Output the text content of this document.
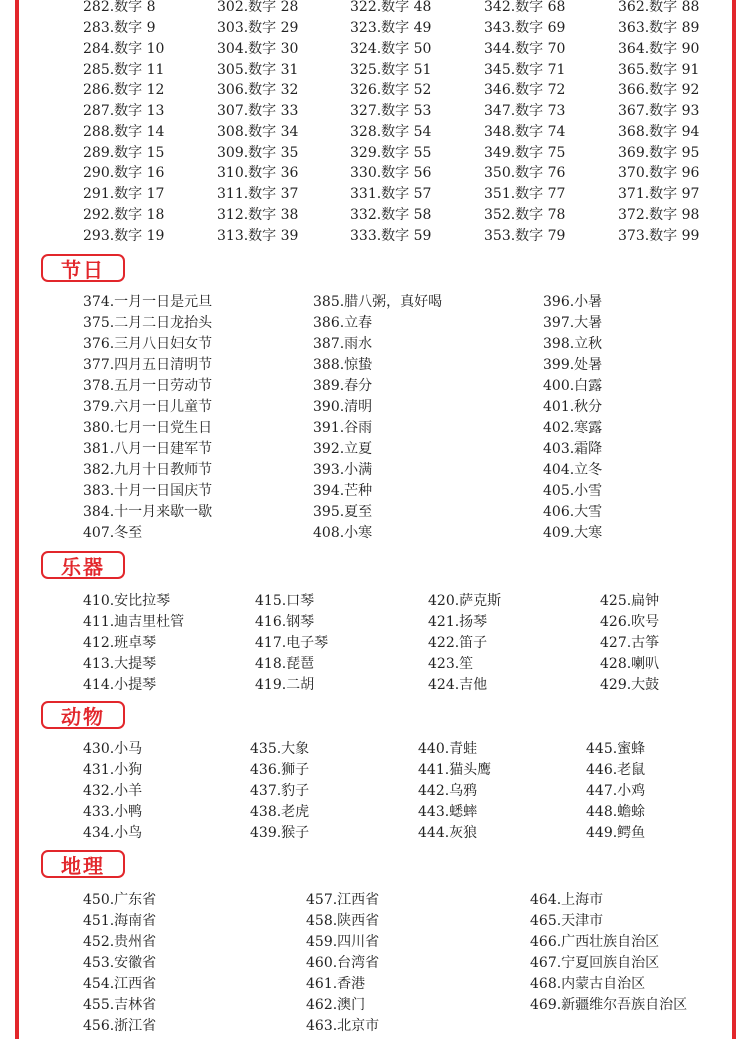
282.数字 8	302.数字 28	322.数字 48	342.数字 68	362.数字 88
283.数字 9	303.数字 29	323.数字 49	343.数字 69	363.数字 89
284.数字 10	304.数字 30	324.数字 50	344.数字 70	364.数字 90
285.数字 11	305.数字 31	325.数字 51	345.数字 71	365.数字 91
286.数字 12	306.数字 32	326.数字 52	346.数字 72	366.数字 92
287.数字 13	307.数字 33	327.数字 53	347.数字 73	367.数字 93
288.数字 14	308.数字 34	328.数字 54	348.数字 74	368.数字 94
289.数字 15	309.数字 35	329.数字 55	349.数字 75	369.数字 95
290.数字 16	310.数字 36	330.数字 56	350.数字 76	370.数字 96
291.数字 17	311.数字 37	331.数字 57	351.数字 77	371.数字 97
292.数字 18	312.数字 38	332.数字 58	352.数字 78	372.数字 98
293.数字 19	313.数字 39	333.数字 59	353.数字 79	373.数字 99
节日
374.一月一日是元旦	385.腊八粥，真好喝	396.小暑
375.二月二日龙抬头	386.立春	397.大暑
376.三月八日妇女节	387.雨水	398.立秋
377.四月五日清明节	388.惊蛰	399.处暑
378.五月一日劳动节	389.春分	400.白露
379.六月一日儿童节	390.清明	401.秋分
380.七月一日党生日	391.谷雨	402.寒露
381.八月一日建军节	392.立夏	403.霜降
382.九月十日教师节	393.小满	404.立冬
383.十月一日国庆节	394.芒种	405.小雪
384.十一月来歇一歇	395.夏至	406.大雪
407.冬至	408.小寒	409.大寒
乐器
410.安比拉琴	415.口琴	420.萨克斯	425.扁钟
411.迪吉里杜管	416.钢琴	421.扬琴	426.吹号
412.班卓琴	417.电子琴	422.笛子	427.古筝
413.大提琴	418.琵琶	423.笙	428.喇叭
414.小提琴	419.二胡	424.吉他	429.大鼓
动物
430.小马	435.大象	440.青蛙	445.蜜蜂
431.小狗	436.狮子	441.猫头鹰	446.老鼠
432.小羊	437.豹子	442.乌鸦	447.小鸡
433.小鸭	438.老虎	443.蟋蟀	448.蟾蜍
434.小鸟	439.猴子	444.灰狼	449.鳄鱼
地理
450.广东省	457.江西省	464.上海市
451.海南省	458.陕西省	465.天津市
452.贵州省	459.四川省	466.广西壮族自治区
453.安徽省	460.台湾省	467.宁夏回族自治区
454.江西省	461.香港	468.内蒙古自治区
455.吉林省	462.澳门	469.新疆维尔吾族自治区
456.浙江省	463.北京市
